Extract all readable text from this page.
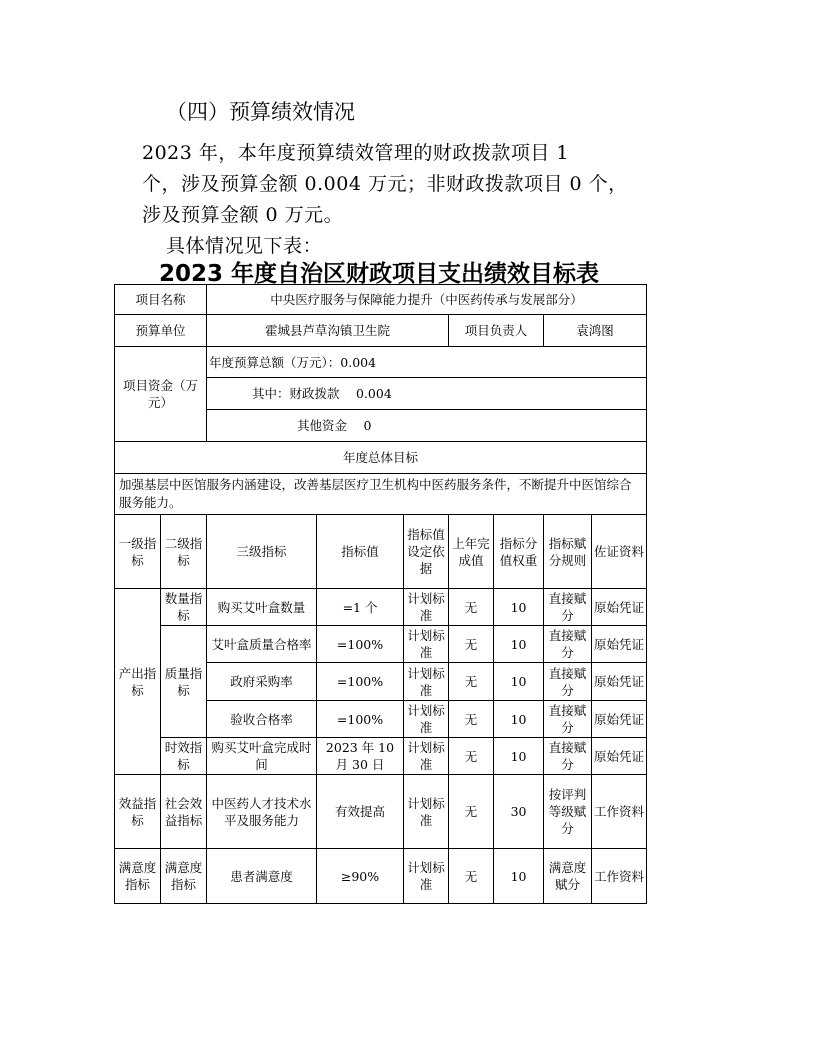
（四）预算绩效情况
2023 年，本年度预算绩效管理的财政拨款项目 1
个，涉及预算金额 0.004 万元；非财政拨款项目 0 个，
涉及预算金额 0 万元。
具体情况见下表：
2023 年度自治区财政项目支出绩效目标表
项目名称		中央医疗服务与保障能力提升（中医药传承与发展部分）						
预算单位		霍城县芦草沟镇卫生院			项目负责人		袁鸿图	
项目资金（万元）		年度预算总额（万元）：0.004						
		其中：财政拨款　 0.004						
		其他资金　 0						
年度总体目标								
加强基层中医馆服务内涵建设，改善基层医疗卫生机构中医药服务条件，不断提升中医馆综合服务能力。								
一级指标	二级指标	三级指标	指标值	指标值设定依据	上年完成值	指标分值权重	指标赋分规则	佐证资料
产出指标	数量指标	购买艾叶盒数量	=1 个	计划标准	无	10	直接赋分	原始凭证
	质量指标	艾叶盒质量合格率	=100%	计划标准	无	10	直接赋分	原始凭证
		政府采购率	=100%	计划标准	无	10	直接赋分	原始凭证
		验收合格率	=100%	计划标准	无	10	直接赋分	原始凭证
	时效指标	购买艾叶盒完成时间	2023 年 10 月 30 日	计划标准	无	10	直接赋分	原始凭证
效益指标	社会效益指标	中医药人才技术水平及服务能力	有效提高	计划标准	无	30	按评判等级赋分	工作资料
满意度指标	满意度指标	患者满意度	≥90%	计划标准	无	10	满意度赋分	工作资料
